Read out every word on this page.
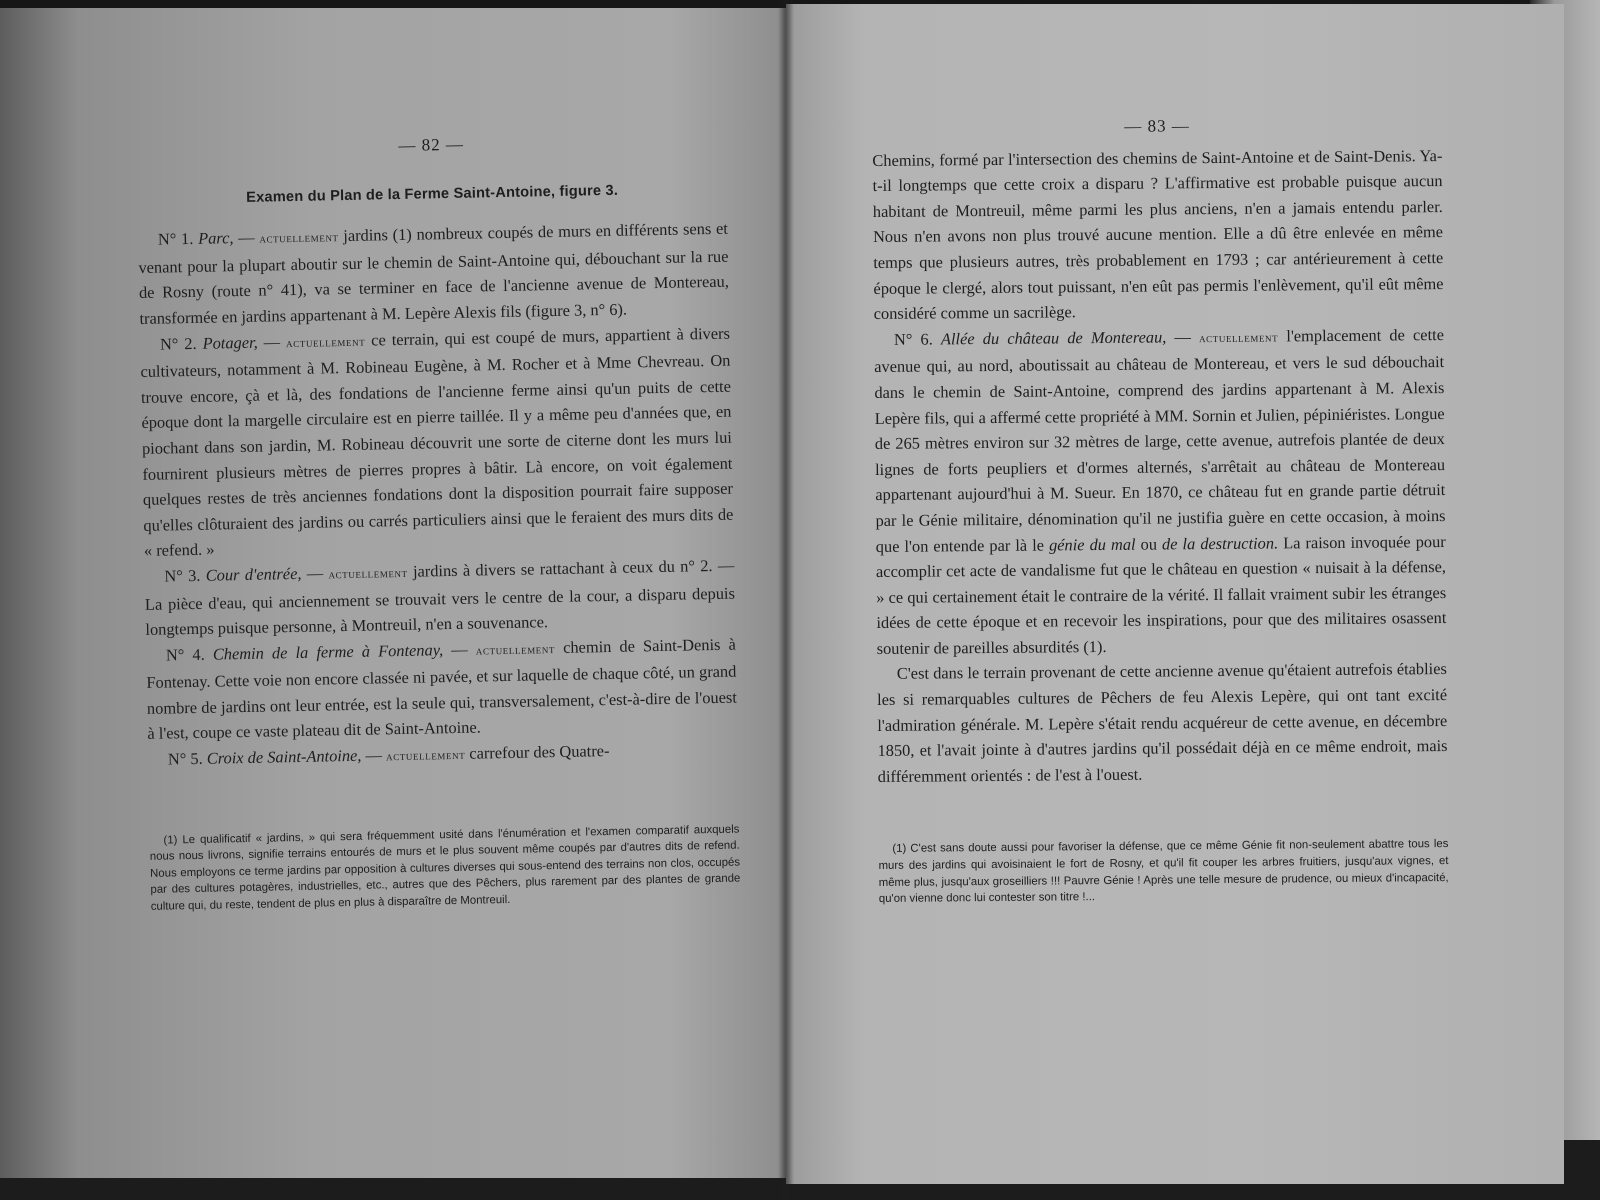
— 82 —
Examen du Plan de la Ferme Saint-Antoine, figure 3.

N° 1. Parc, — actuellement jardins (1) nombreux coupés de murs en différents sens et venant pour la plupart aboutir sur le chemin de Saint-Antoine qui, débouchant sur la rue de Rosny (route n° 41), va se terminer en face de l'ancienne avenue de Montereau, transformée en jardins appartenant à M. Lepère Alexis fils (figure 3, n° 6).

N° 2. Potager, — actuellement ce terrain, qui est coupé de murs, appartient à divers cultivateurs, notamment à M. Robineau Eugène, à M. Rocher et à Mme Chevreau. On trouve encore, çà et là, des fondations de l'ancienne ferme ainsi qu'un puits de cette époque dont la margelle circulaire est en pierre taillée. Il y a même peu d'années que, en piochant dans son jardin, M. Robineau découvrit une sorte de citerne dont les murs lui fournirent plusieurs mètres de pierres propres à bâtir. Là encore, on voit également quelques restes de très anciennes fondations dont la disposition pourrait faire supposer qu'elles clôturaient des jardins ou carrés particuliers ainsi que le feraient des murs dits de « refend. »

N° 3. Cour d'entrée, — actuellement jardins à divers se rattachant à ceux du n° 2. — La pièce d'eau, qui anciennement se trouvait vers le centre de la cour, a disparu depuis longtemps puisque personne, à Montreuil, n'en a souvenance.

N° 4. Chemin de la ferme à Fontenay, — actuellement chemin de Saint-Denis à Fontenay. Cette voie non encore classée ni pavée, et sur laquelle de chaque côté, un grand nombre de jardins ont leur entrée, est la seule qui, transversalement, c'est-à-dire de l'ouest à l'est, coupe ce vaste plateau dit de Saint-Antoine.

N° 5. Croix de Saint-Antoine, — actuellement carrefour des Quatre-

(1) Le qualificatif « jardins, » qui sera fréquemment usité dans l'énumération et l'examen comparatif auxquels nous nous livrons, signifie terrains entourés de murs et le plus souvent même coupés par d'autres dits de refend. Nous employons ce terme jardins par opposition à cultures diverses qui sous-entend des terrains non clos, occupés par des cultures potagères, industrielles, etc., autres que des Pêchers, plus rarement par des plantes de grande culture qui, du reste, tendent de plus en plus à disparaître de Montreuil.

— 83 —

Chemins, formé par l'intersection des chemins de Saint-Antoine et de Saint-Denis. Ya-t-il longtemps que cette croix a disparu ? L'affirmative est probable puisque aucun habitant de Montreuil, même parmi les plus anciens, n'en a jamais entendu parler. Nous n'en avons non plus trouvé aucune mention. Elle a dû être enlevée en même temps que plusieurs autres, très probablement en 1793 ; car antérieurement à cette époque le clergé, alors tout puissant, n'en eût pas permis l'enlèvement, qu'il eût même considéré comme un sacrilège.

N° 6. Allée du château de Montereau, — actuellement l'emplacement de cette avenue qui, au nord, aboutissait au château de Montereau, et vers le sud débouchait dans le chemin de Saint-Antoine, comprend des jardins appartenant à M. Alexis Lepère fils, qui a affermé cette propriété à MM. Sornin et Julien, pépiniéristes. Longue de 265 mètres environ sur 32 mètres de large, cette avenue, autrefois plantée de deux lignes de forts peupliers et d'ormes alternés, s'arrêtait au château de Montereau appartenant aujourd'hui à M. Sueur. En 1870, ce château fut en grande partie détruit par le Génie militaire, dénomination qu'il ne justifia guère en cette occasion, à moins que l'on entende par là le génie du mal ou de la destruction. La raison invoquée pour accomplir cet acte de vandalisme fut que le château en question « nuisait à la défense, » ce qui certainement était le contraire de la vérité. Il fallait vraiment subir les étranges idées de cette époque et en recevoir les inspirations, pour que des militaires osassent soutenir de pareilles absurdités (1).

C'est dans le terrain provenant de cette ancienne avenue qu'étaient autrefois établies les si remarquables cultures de Pêchers de feu Alexis Lepère, qui ont tant excité l'admiration générale. M. Lepère s'était rendu acquéreur de cette avenue, en décembre 1850, et l'avait jointe à d'autres jardins qu'il possédait déjà en ce même endroit, mais différemment orientés : de l'est à l'ouest.

(1) C'est sans doute aussi pour favoriser la défense, que ce même Génie fit non-seulement abattre tous les murs des jardins qui avoisinaient le fort de Rosny, et qu'il fit couper les arbres fruitiers, jusqu'aux vignes, et même plus, jusqu'aux groseilliers !!! Pauvre Génie ! Après une telle mesure de prudence, ou mieux d'incapacité, qu'on vienne donc lui contester son titre !...
